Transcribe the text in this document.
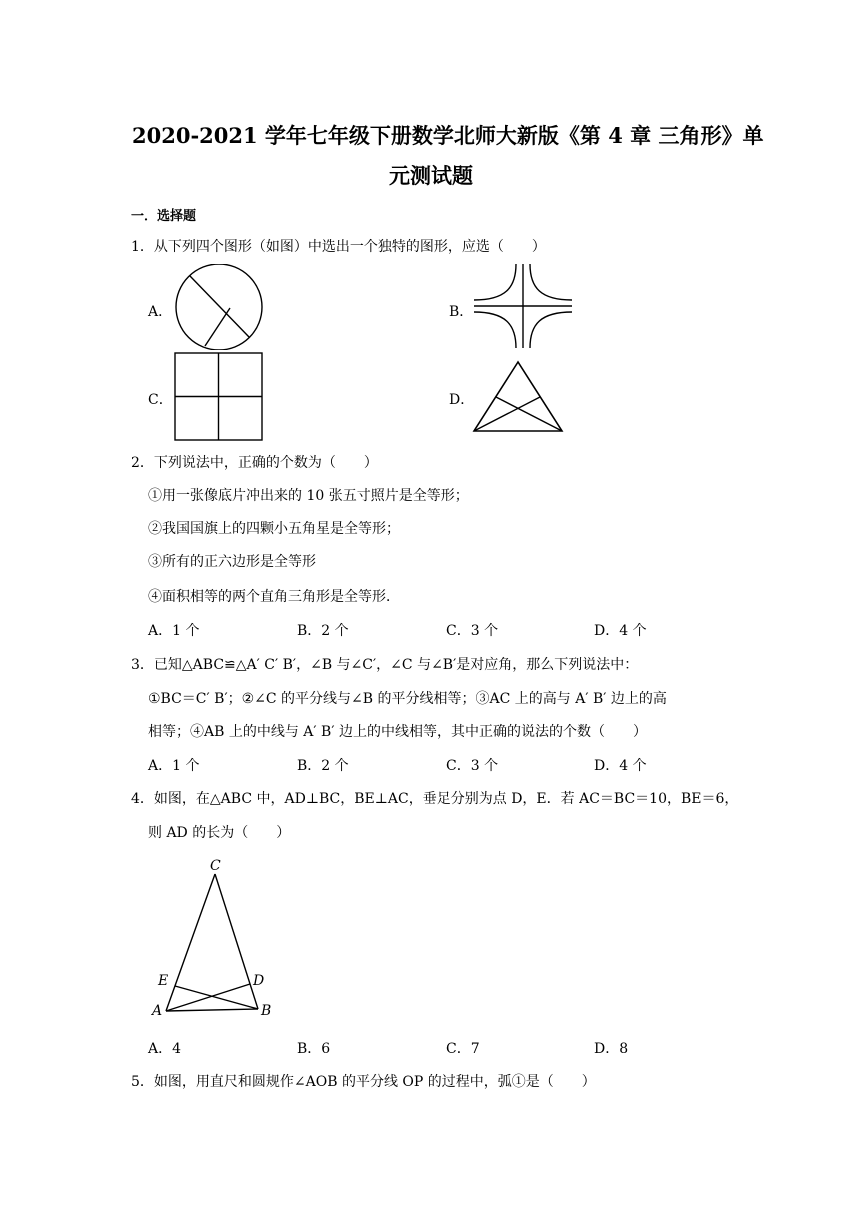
2020-2021 学年七年级下册数学北师大新版《第 4 章 三角形》单
元测试题
一．选择题
1．从下列四个图形（如图）中选出一个独特的图形，应选（　　）
A．	B．
C．	D．
2．下列说法中，正确的个数为（　　）
①用一张像底片冲出来的 10 张五寸照片是全等形；
②我国国旗上的四颗小五角星是全等形；
③所有的正六边形是全等形
④面积相等的两个直角三角形是全等形．
A．1 个	B．2 个	C．3 个	D．4 个
3．已知△ABC≌△A′ C′ B′，∠B 与∠C′，∠C 与∠B′是对应角，那么下列说法中：
①BC＝C′ B′；②∠C 的平分线与∠B 的平分线相等；③AC 上的高与 A′ B′ 边上的高
相等；④AB 上的中线与 A′ B′ 边上的中线相等，其中正确的说法的个数（　　）
A．1 个	B．2 个	C．3 个	D．4 个
4．如图，在△ABC 中，AD⊥BC，BE⊥AC，垂足分别为点 D，E．若 AC＝BC＝10，BE＝6，
则 AD 的长为（　　）
C
E	D
A	B
A．4	B．6	C．7	D．8
5．如图，用直尺和圆规作∠AOB 的平分线 OP 的过程中，弧①是（　　）
